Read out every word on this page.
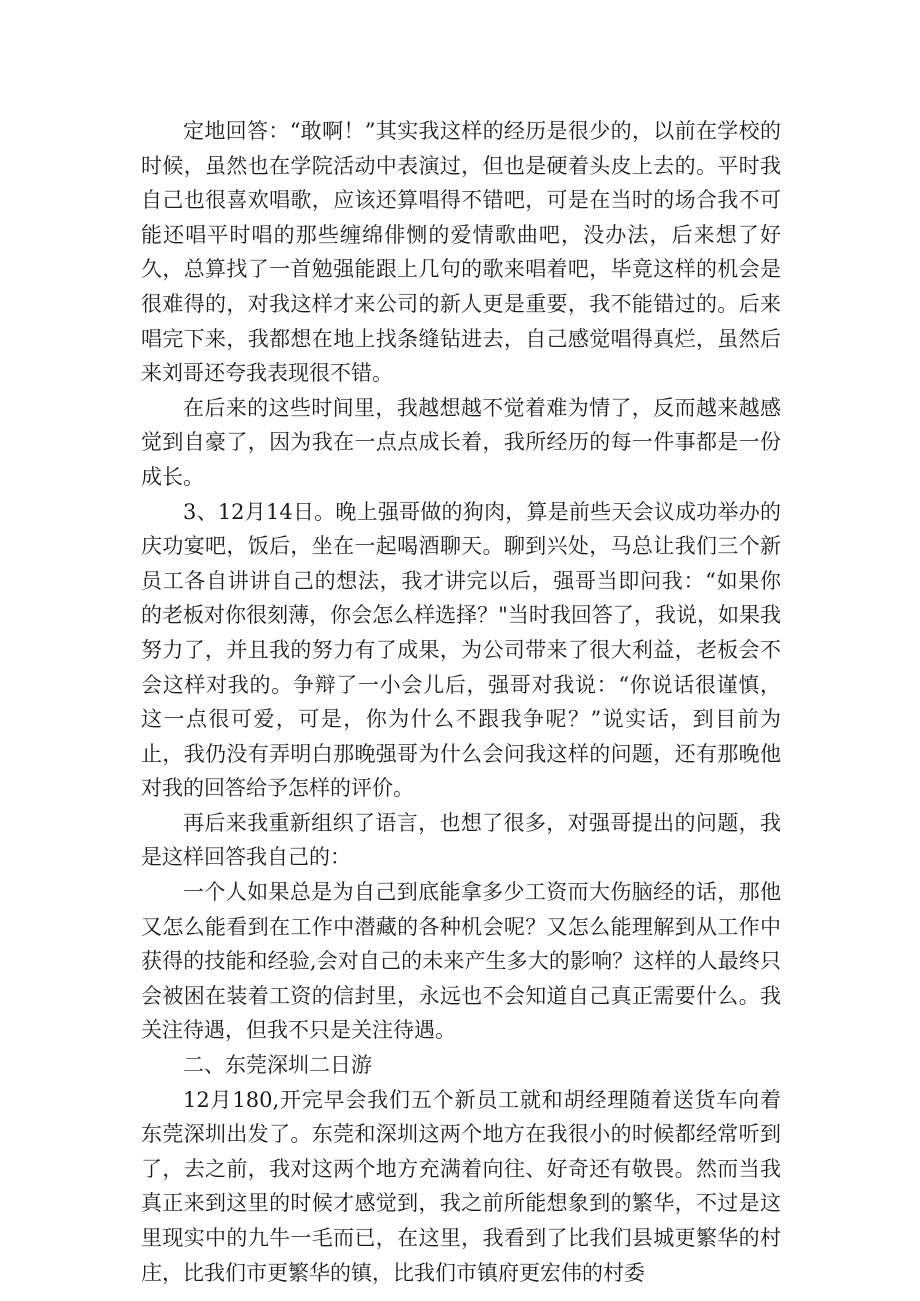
定地回答：“敢啊！”其实我这样的经历是很少的，以前在学校的时候，虽然也在学院活动中表演过，但也是硬着头皮上去的。平时我自己也很喜欢唱歌，应该还算唱得不错吧，可是在当时的场合我不可能还唱平时唱的那些缠绵俳恻的爱情歌曲吧，没办法，后来想了好久，总算找了一首勉强能跟上几句的歌来唱着吧，毕竟这样的机会是很难得的，对我这样才来公司的新人更是重要，我不能错过的。后来唱完下来，我都想在地上找条缝钻进去，自己感觉唱得真烂，虽然后来刘哥还夸我表现很不错。

在后来的这些时间里，我越想越不觉着难为情了，反而越来越感觉到自豪了，因为我在一点点成长着，我所经历的每一件事都是一份成长。

3、12月14日。晚上强哥做的狗肉，算是前些天会议成功举办的庆功宴吧，饭后，坐在一起喝酒聊天。聊到兴处，马总让我们三个新员工各自讲讲自己的想法，我才讲完以后，强哥当即问我：“如果你的老板对你很刻薄，你会怎么样选择？"当时我回答了，我说，如果我努力了，并且我的努力有了成果，为公司带来了很大利益，老板会不会这样对我的。争辩了一小会儿后，强哥对我说：“你说话很谨慎，这一点很可爱，可是，你为什么不跟我争呢？”说实话，到目前为止，我仍没有弄明白那晚强哥为什么会问我这样的问题，还有那晚他对我的回答给予怎样的评价。

再后来我重新组织了语言，也想了很多，对强哥提出的问题，我是这样回答我自己的：

一个人如果总是为自己到底能拿多少工资而大伤脑经的话，那他又怎么能看到在工作中潜藏的各种机会呢？又怎么能理解到从工作中获得的技能和经验,会对自己的未来产生多大的影响？这样的人最终只会被困在装着工资的信封里，永远也不会知道自己真正需要什么。我关注待遇，但我不只是关注待遇。

二、东莞深圳二日游

12月180,开完早会我们五个新员工就和胡经理随着送货车向着东莞深圳出发了。东莞和深圳这两个地方在我很小的时候都经常听到了，去之前，我对这两个地方充满着向往、好奇还有敬畏。然而当我真正来到这里的时候才感觉到，我之前所能想象到的繁华，不过是这里现实中的九牛一毛而已，在这里，我看到了比我们县城更繁华的村庄，比我们市更繁华的镇，比我们市镇府更宏伟的村委
